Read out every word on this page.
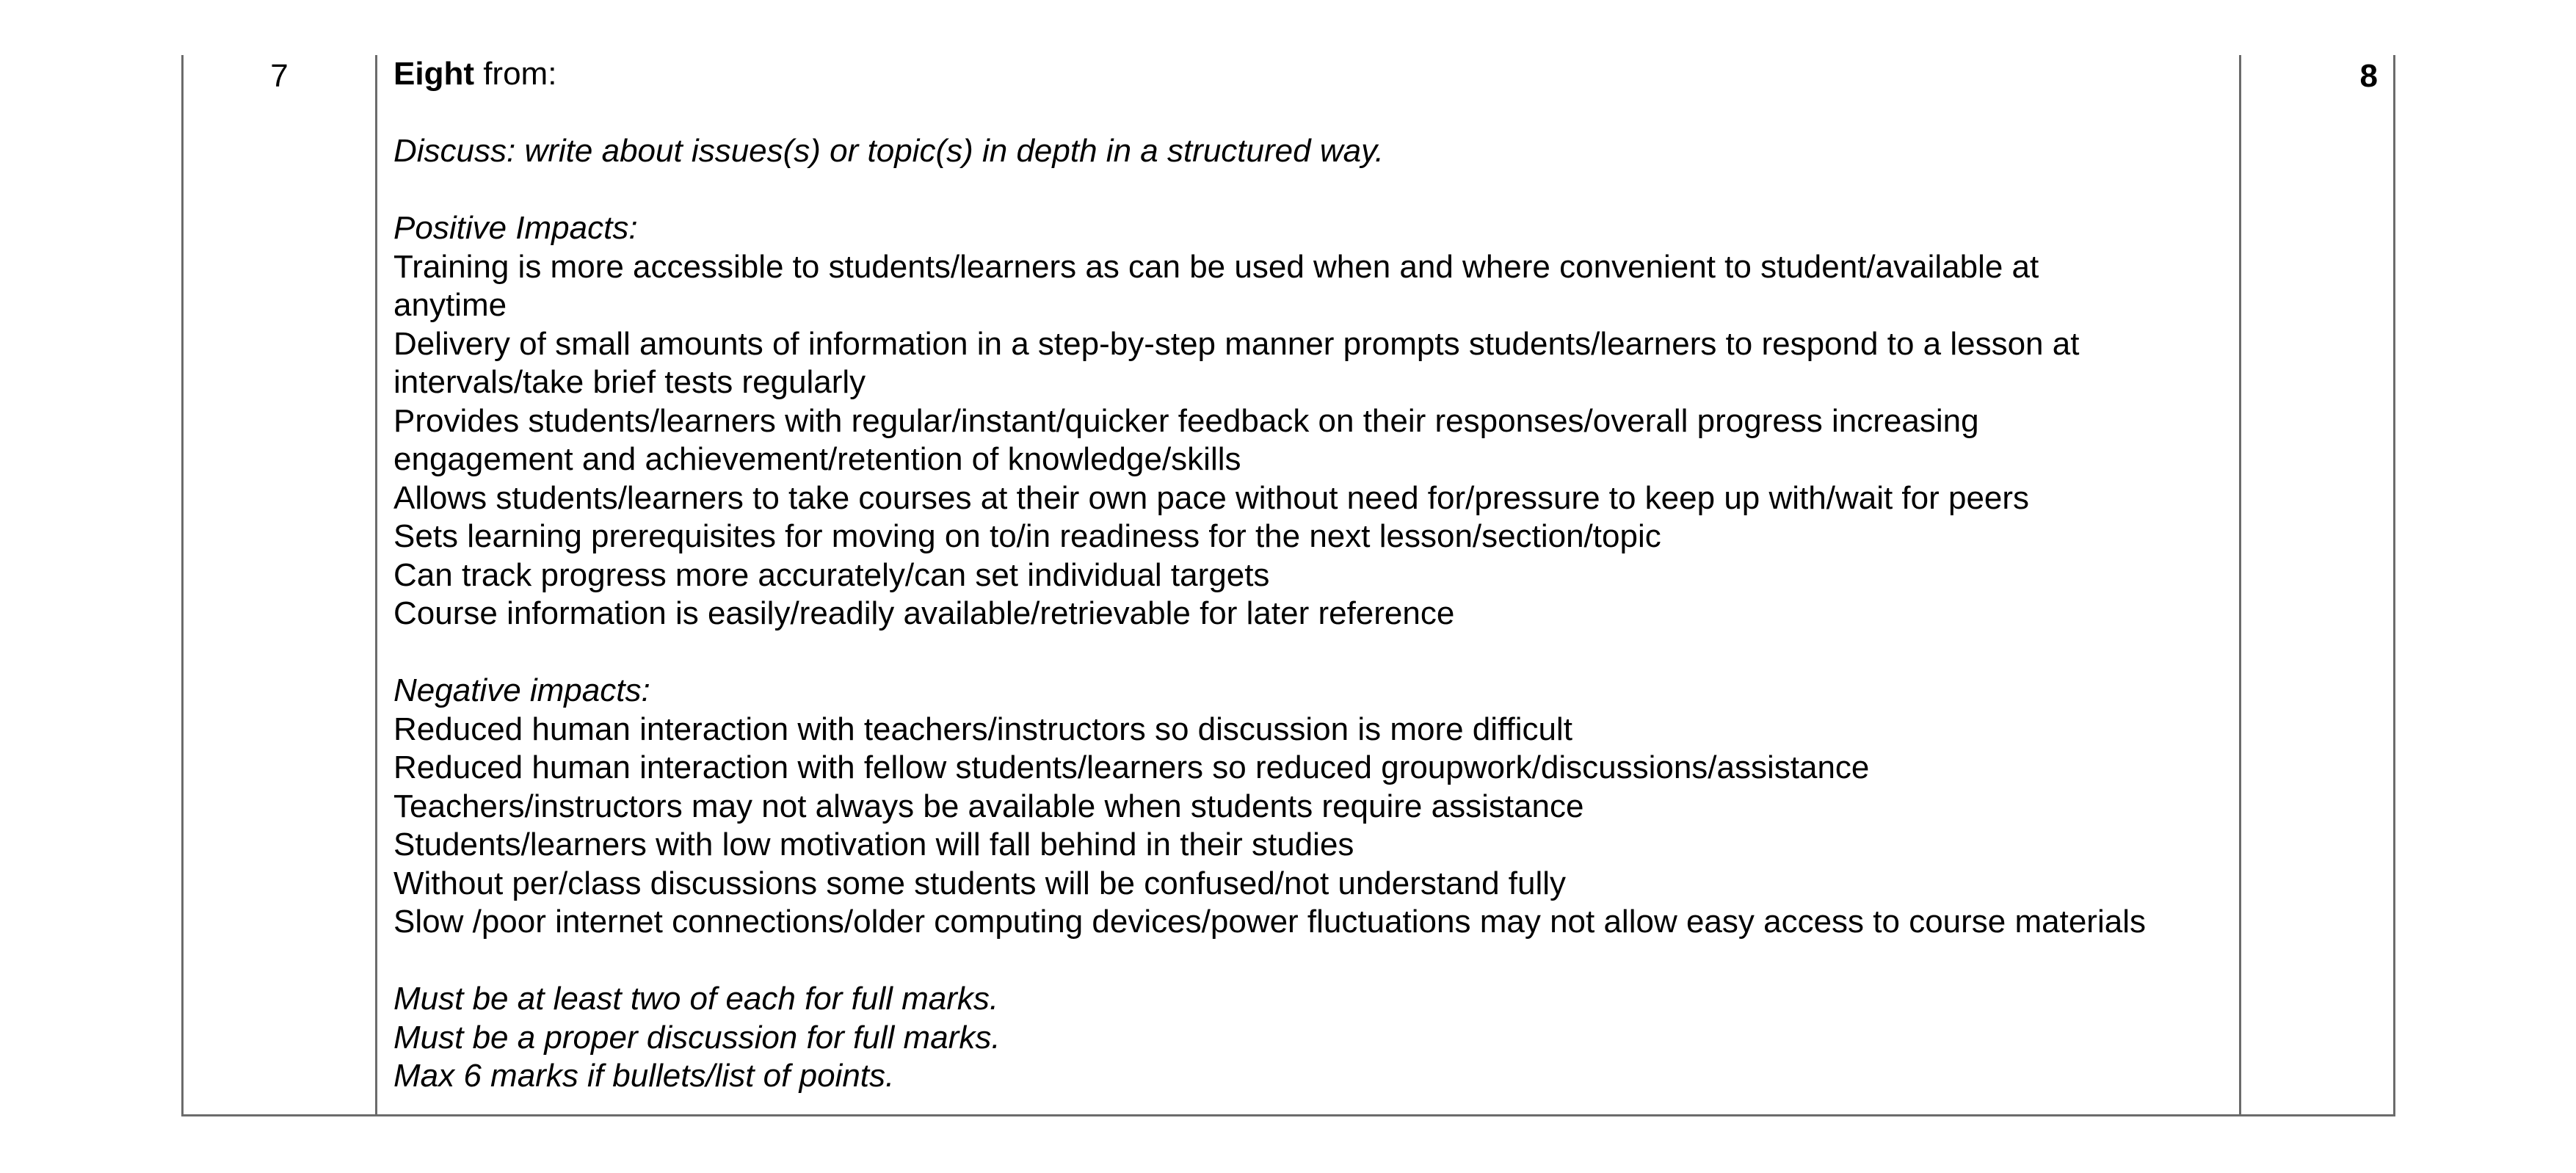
7	8
Eight from:
Discuss: write about issues(s) or topic(s) in depth in a structured way.
Positive Impacts:
Training is more accessible to students/learners as can be used when and where convenient to student/available at
anytime
Delivery of small amounts of information in a step-by-step manner prompts students/learners to respond to a lesson at
intervals/take brief tests regularly
Provides students/learners with regular/instant/quicker feedback on their responses/overall progress increasing
engagement and achievement/retention of knowledge/skills
Allows students/learners to take courses at their own pace without need for/pressure to keep up with/wait for peers
Sets learning prerequisites for moving on to/in readiness for the next lesson/section/topic
Can track progress more accurately/can set individual targets
Course information is easily/readily available/retrievable for later reference
Negative impacts:
Reduced human interaction with teachers/instructors so discussion is more difficult
Reduced human interaction with fellow students/learners so reduced groupwork/discussions/assistance
Teachers/instructors may not always be available when students require assistance
Students/learners with low motivation will fall behind in their studies
Without per/class discussions some students will be confused/not understand fully
Slow /poor internet connections/older computing devices/power fluctuations may not allow easy access to course materials
Must be at least two of each for full marks.
Must be a proper discussion for full marks.
Max 6 marks if bullets/list of points.
